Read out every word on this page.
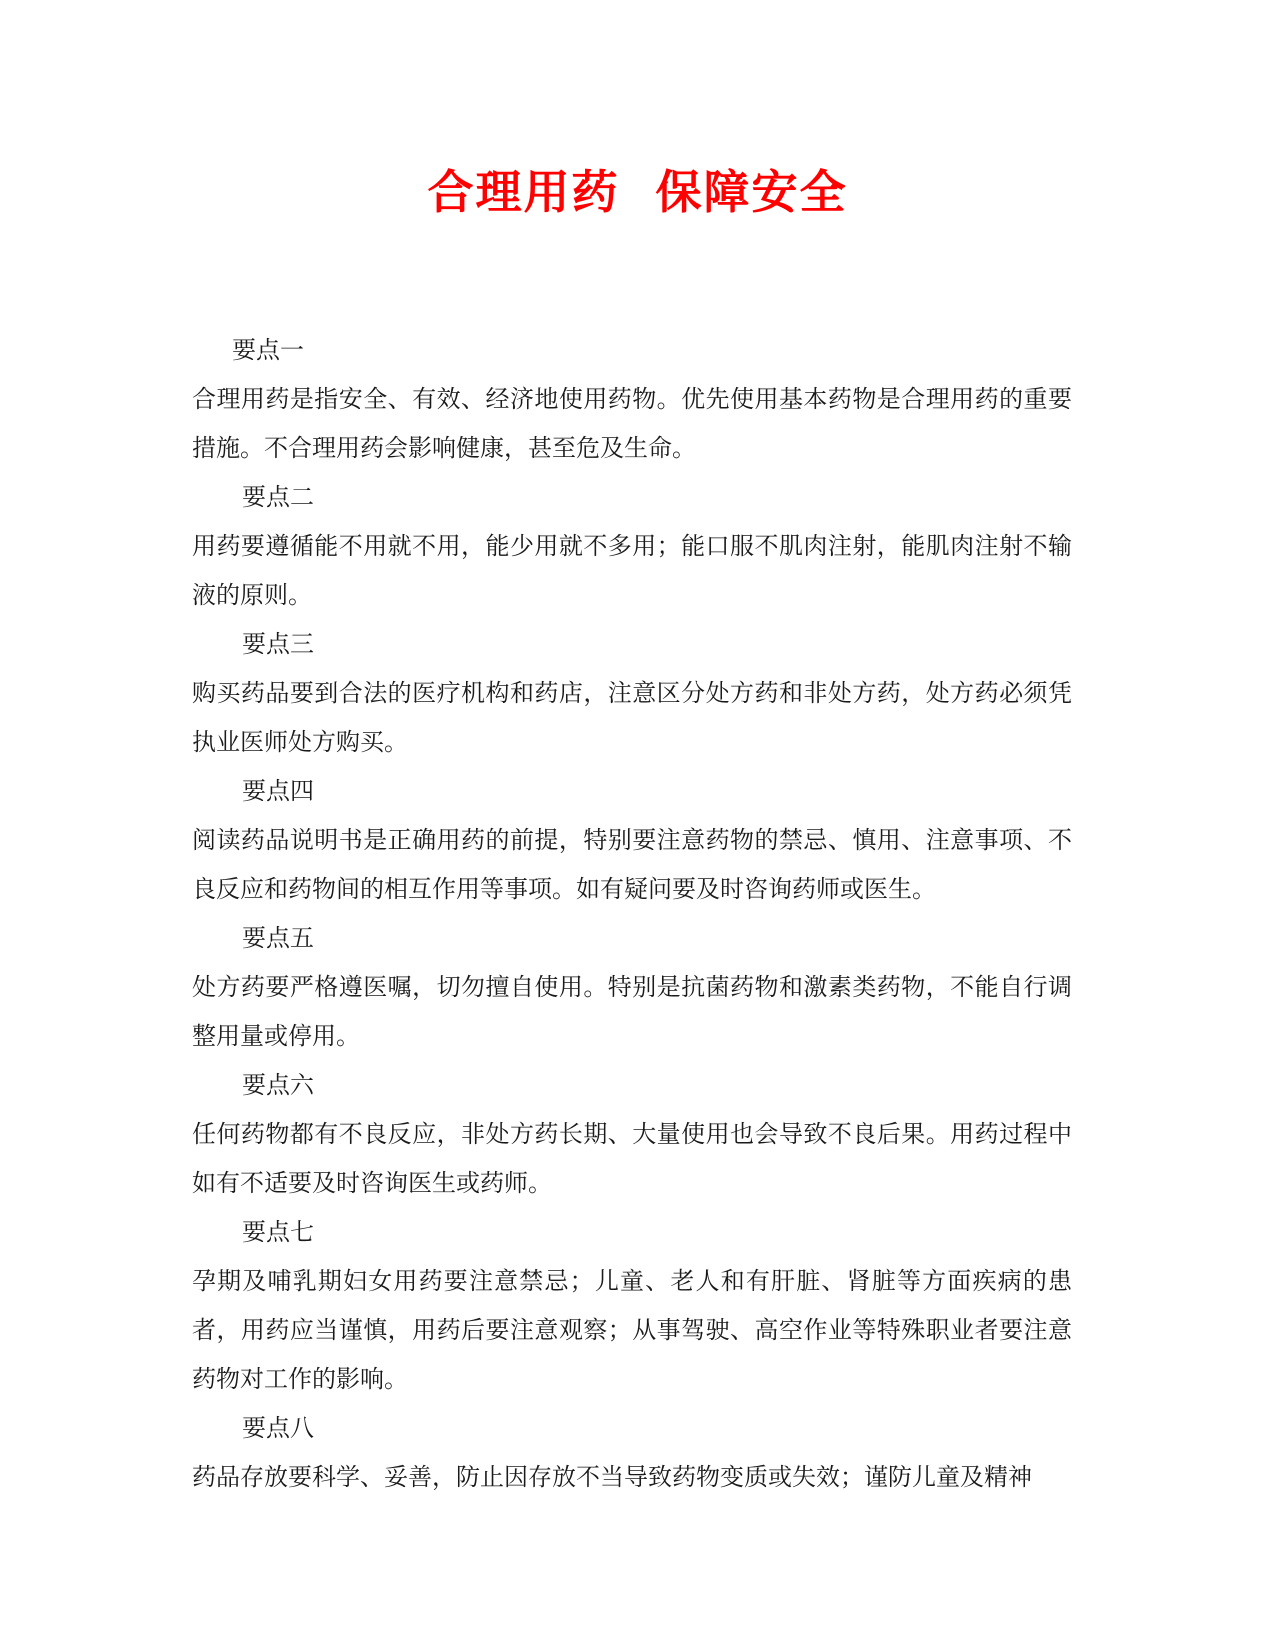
合理用药  保障安全

要点一

合理用药是指安全、有效、经济地使用药物。优先使用基本药物是合理用药的重要措施。不合理用药会影响健康，甚至危及生命。

要点二

用药要遵循能不用就不用，能少用就不多用；能口服不肌肉注射，能肌肉注射不输液的原则。

要点三

购买药品要到合法的医疗机构和药店，注意区分处方药和非处方药，处方药必须凭执业医师处方购买。

要点四

阅读药品说明书是正确用药的前提，特别要注意药物的禁忌、慎用、注意事项、不良反应和药物间的相互作用等事项。如有疑问要及时咨询药师或医生。

要点五

处方药要严格遵医嘱，切勿擅自使用。特别是抗菌药物和激素类药物，不能自行调整用量或停用。

要点六

任何药物都有不良反应，非处方药长期、大量使用也会导致不良后果。用药过程中如有不适要及时咨询医生或药师。

要点七

孕期及哺乳期妇女用药要注意禁忌；儿童、老人和有肝脏、肾脏等方面疾病的患者，用药应当谨慎，用药后要注意观察；从事驾驶、高空作业等特殊职业者要注意药物对工作的影响。

要点八

药品存放要科学、妥善，防止因存放不当导致药物变质或失效；谨防儿童及精神
